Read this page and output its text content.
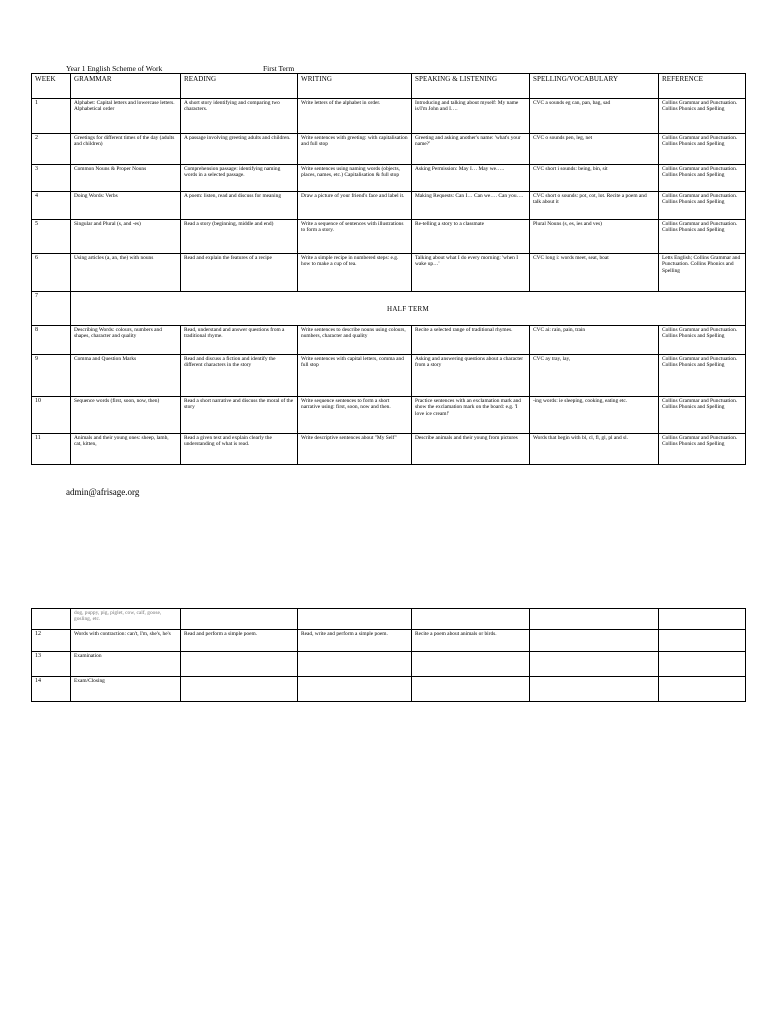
Year 1 English Scheme of Work	First Term
WEEK	GRAMMAR	READING	WRITING	SPEAKING & LISTENING	SPELLING/VOCABULARY	REFERENCE
1	Alphabet: Capital letters and lowercase letters. Alphabetical order	A short story identifying and comparing two characters.	Write letters of the alphabet in order.	Introducing and talking about myself: My name is/I'm John and I….	CVC a sounds eg can, pan, bag, sad	Collins Grammar and Punctuation. Collins Phonics and Spelling
2	Greetings for different times of the day (adults and children)	A passage involving greeting adults and children.	Write sentences with greeting: with capitalisation and full stop	Greeting and asking another's name: 'what's your name?'	CVC o sounds pen, leg, net	Collins Grammar and Punctuation. Collins Phonics and Spelling
3	Common Nouns & Proper Nouns	Comprehension passage: identifying naming words in a selected passage.	Write sentences using naming words (objects, places, names, etc.) Capitalisation & full stop	Asking Permission: May I… May we…..	CVC short i sounds: being, bin, sit	Collins Grammar and Punctuation. Collins Phonics and Spelling
4	Doing Words: Verbs	A poem: listen, read and discuss for meaning	Draw a picture of your friend's face and label it.	Making Requests: Can I… Can we…. Can you….	CVC short o sounds: pot, cot, lot. Recite a poem and talk about it	Collins Grammar and Punctuation. Collins Phonics and Spelling
5	Singular and Plural (s, and -es)	Read a story (beginning, middle and end)	Write a sequence of sentences with illustrations to form a story.	Re-telling a story to a classmate	Plural Nouns (s, es, ies and ves)	Collins Grammar and Punctuation. Collins Phonics and Spelling
6	Using articles (a, an, the) with nouns	Read and explain the features of a recipe	Write a simple recipe in numbered steps: e.g. how to make a cup of tea.	Talking about what I do every morning: 'when I wake up…'	CVC long i: words meet, seat, boat	Letts English; Collins Grammar and Punctuation. Collins Phonics and Spelling
7	HALF TERM					
8	Describing Words: colours, numbers and shapes, character and quality	Read, understand and answer questions from a traditional rhyme.	Write sentences to describe nouns using colours, numbers, character and quality	Recite a selected range of traditional rhymes.	CVC ai: rain, pain, train	Collins Grammar and Punctuation. Collins Phonics and Spelling
9	Comma and Question Marks	Read and discuss a fiction and identify the different characters in the story	Write sentences with capital letters, comma and full stop	Asking and answering questions about a character from a story	CVC ay tray, lay,	Collins Grammar and Punctuation. Collins Phonics and Spelling
10	Sequence words (first, soon, now, then)	Read a short narrative and discuss the moral of the story	Write sequence sentences to form a short narrative using: first, soon, now and then.	Practice sentences with an exclamation mark and show the exclamation mark on the board: e.g. 'I love ice cream!'	-ing words: ie sleeping, cooking, eating etc.	Collins Grammar and Punctuation. Collins Phonics and Spelling
11	Animals and their young ones: sheep, lamb, cat, kitten,	Read a given text and explain clearly the understanding of what is read.	Write descriptive sentences about "My Self"	Describe animals and their young from pictures	Words that begin with bl, cl, fl, gl, pl and sl.	Collins Grammar and Punctuation. Collins Phonics and Spelling
admin@afrisage.org
	dog, puppy, pig, piglet, cow, calf, goose, gosling, etc.					
12	Words with contraction: can't, I'm, she's, he's	Read and perform a simple poem.	Read, write and perform a simple poem.	Recite a poem about animals or birds.		
13	Examination					
14	Exam/Closing					
